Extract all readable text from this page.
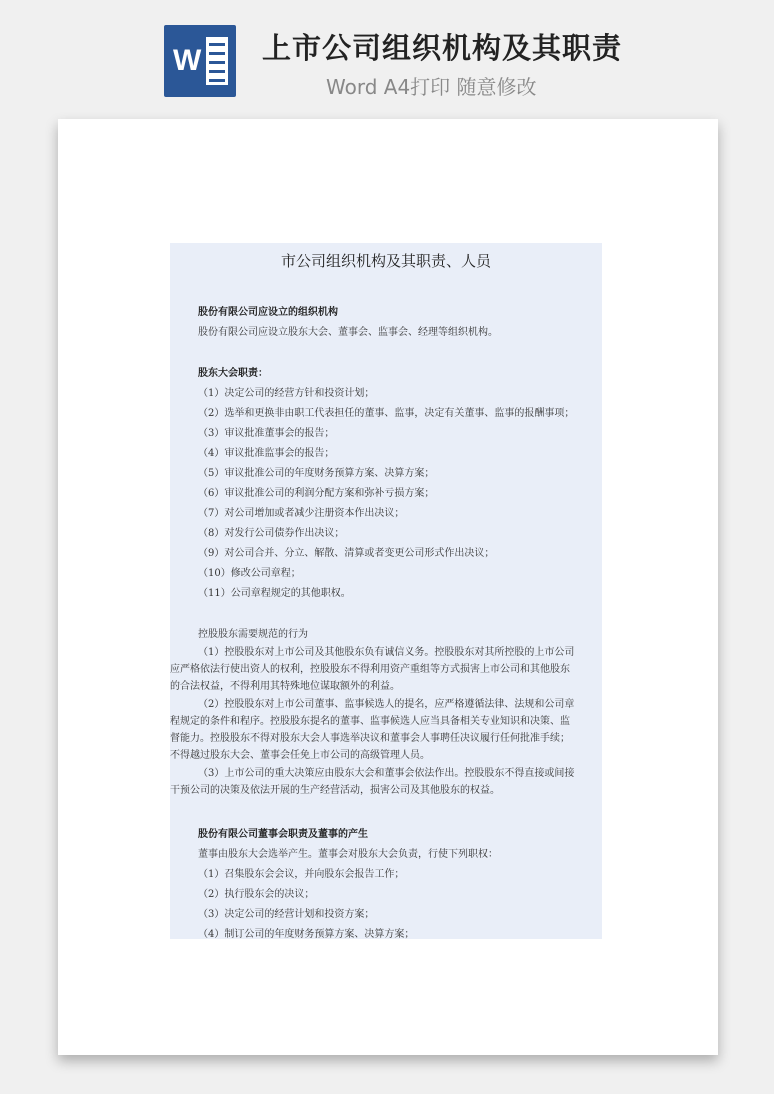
W 上市公司组织机构及其职责
Word A4打印 随意修改

市公司组织机构及其职责、人员
股份有限公司应设立的组织机构
股份有限公司应设立股东大会、董事会、监事会、经理等组织机构。
股东大会职责：
（1）决定公司的经营方针和投资计划；
（2）选举和更换非由职工代表担任的董事、监事，决定有关董事、监事的报酬事项；
（3）审议批准董事会的报告；
（4）审议批准监事会的报告；
（5）审议批准公司的年度财务预算方案、决算方案；
（6）审议批准公司的利润分配方案和弥补亏损方案；
（7）对公司增加或者减少注册资本作出决议；
（8）对发行公司债券作出决议；
（9）对公司合并、分立、解散、清算或者变更公司形式作出决议；
（10）修改公司章程；
（11）公司章程规定的其他职权。
控股股东需要规范的行为

（1）控股股东对上市公司及其他股东负有诚信义务。控股股东对其所控股的上市公司

应严格依法行使出资人的权利，控股股东不得利用资产重组等方式损害上市公司和其他股东

的合法权益，不得利用其特殊地位谋取额外的利益。

（2）控股股东对上市公司董事、监事候选人的提名，应严格遵循法律、法规和公司章

程规定的条件和程序。控股股东提名的董事、监事候选人应当具备相关专业知识和决策、监

督能力。控股股东不得对股东大会人事选举决议和董事会人事聘任决议履行任何批准手续；

不得越过股东大会、董事会任免上市公司的高级管理人员。

（3）上市公司的重大决策应由股东大会和董事会依法作出。控股股东不得直接或间接

干预公司的决策及依法开展的生产经营活动，损害公司及其他股东的权益。

股份有限公司董事会职责及董事的产生
董事由股东大会选举产生。董事会对股东大会负责，行使下列职权：
（1）召集股东会会议，并向股东会报告工作；
（2）执行股东会的决议；
（3）决定公司的经营计划和投资方案；
（4）制订公司的年度财务预算方案、决算方案；
